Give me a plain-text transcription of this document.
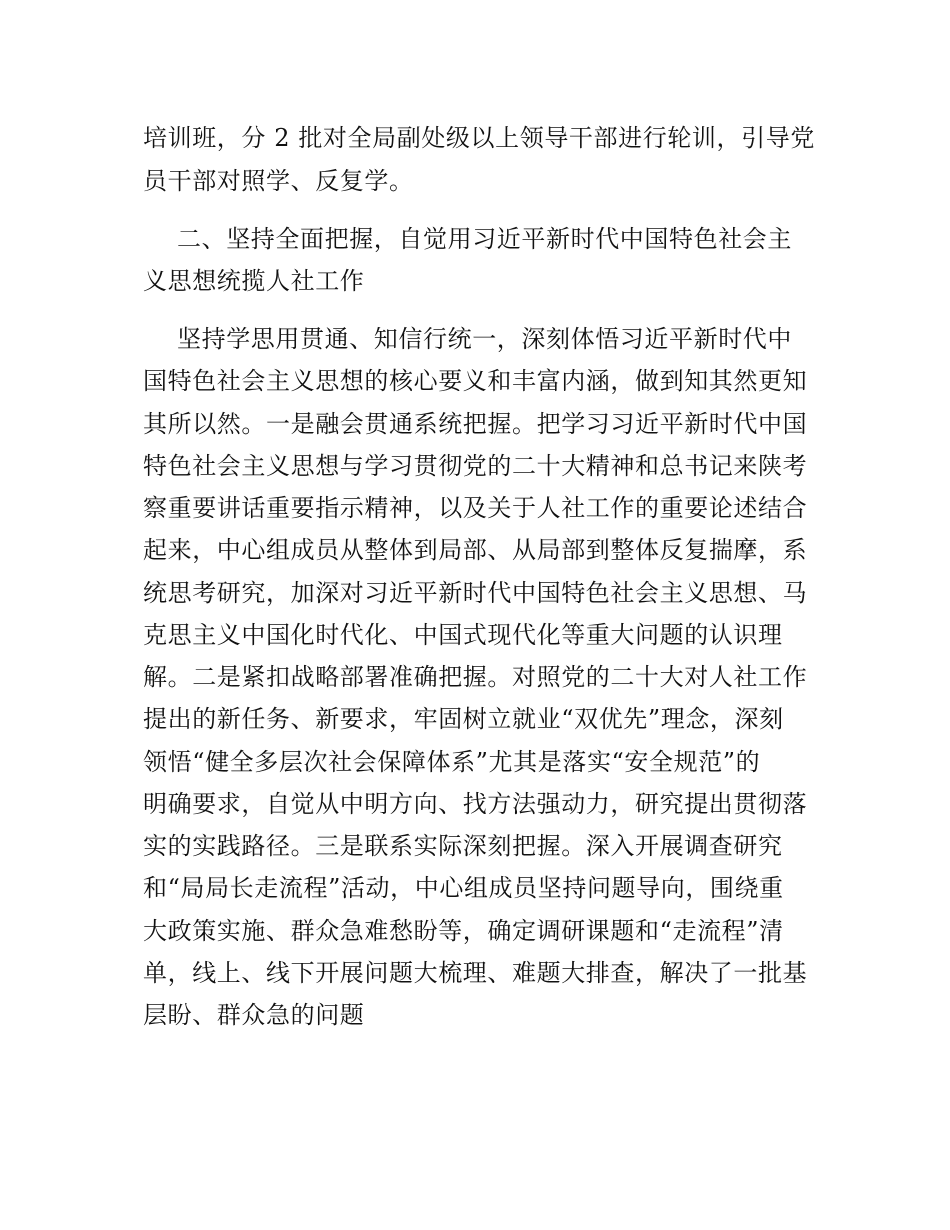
培训班，分 2 批对全局副处级以上领导干部进行轮训，引导党
员干部对照学、反复学。
二、坚持全面把握，自觉用习近平新时代中国特色社会主
义思想统揽人社工作
坚持学思用贯通、知信行统一，深刻体悟习近平新时代中
国特色社会主义思想的核心要义和丰富内涵，做到知其然更知
其所以然。一是融会贯通系统把握。把学习习近平新时代中国
特色社会主义思想与学习贯彻党的二十大精神和总书记来陕考
察重要讲话重要指示精神，以及关于人社工作的重要论述结合
起来，中心组成员从整体到局部、从局部到整体反复揣摩，系
统思考研究，加深对习近平新时代中国特色社会主义思想、马
克思主义中国化时代化、中国式现代化等重大问题的认识理
解。二是紧扣战略部署准确把握。对照党的二十大对人社工作
提出的新任务、新要求，牢固树立就业“双优先”理念，深刻
领悟“健全多层次社会保障体系”尤其是落实“安全规范”的
明确要求，自觉从中明方向、找方法强动力，研究提出贯彻落
实的实践路径。三是联系实际深刻把握。深入开展调查研究
和“局局长走流程”活动，中心组成员坚持问题导向，围绕重
大政策实施、群众急难愁盼等，确定调研课题和“走流程”清
单，线上、线下开展问题大梳理、难题大排查，解决了一批基
层盼、群众急的问题
